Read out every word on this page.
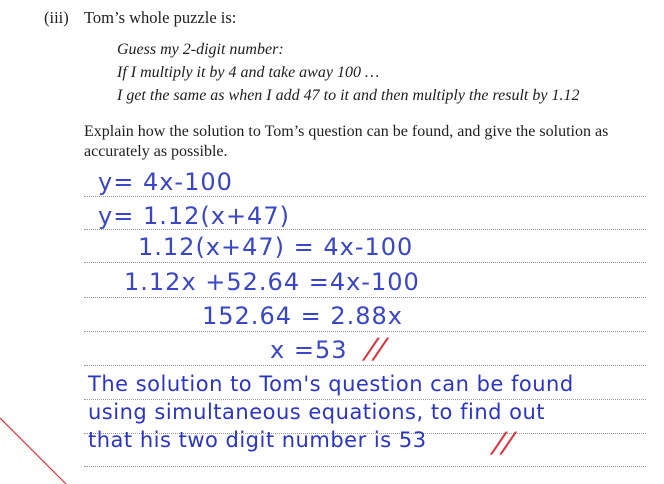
(iii) Tom’s whole puzzle is:
Guess my 2-digit number:
If I multiply it by 4 and take away 100 …
I get the same as when I add 47 to it and then multiply the result by 1.12
Explain how the solution to Tom’s question can be found, and give the solution as accurately as possible.
y= 4x-100
y= 1.12(x+47)
1.12(x+47) = 4x-100
1.12x +52.64 =4x-100
152.64 = 2.88x
x =53 //
The solution to Tom's question can be found
using simultaneous equations, to find out
that his two digit number is 53 //
